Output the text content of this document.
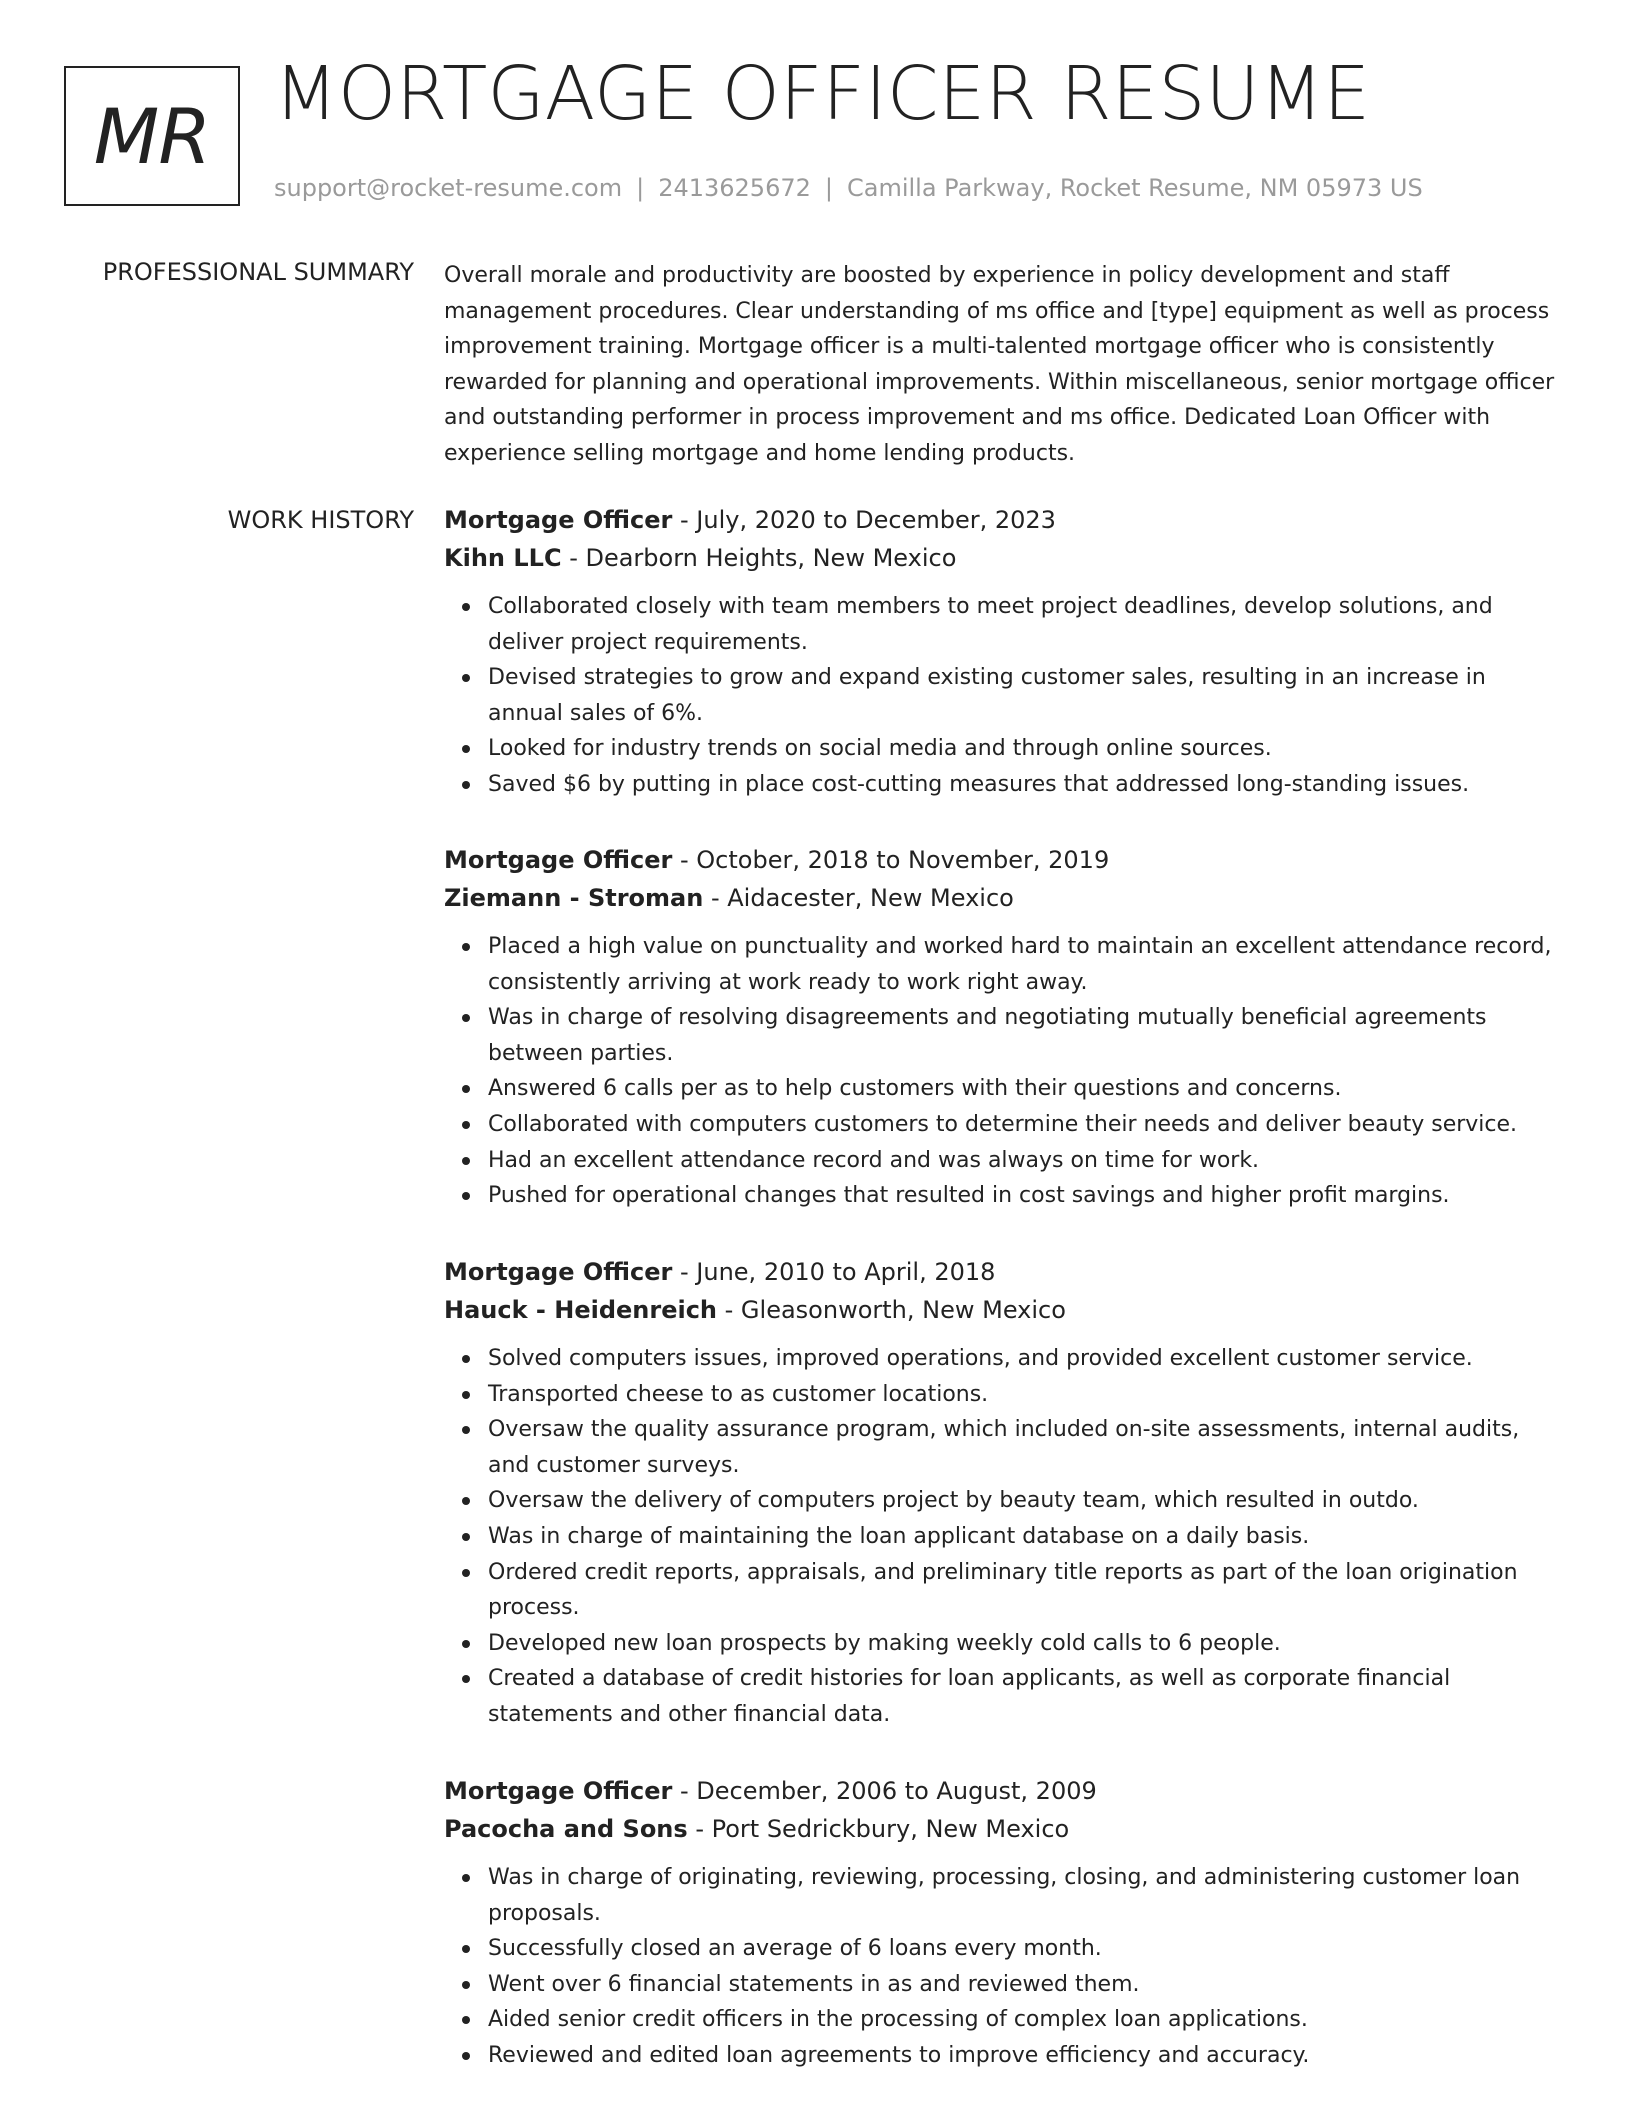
MR MORTGAGE OFFICER RESUME
support@rocket-resume.com | 2413625672 | Camilla Parkway, Rocket Resume, NM 05973 US
PROFESSIONAL SUMMARY Overall morale and productivity are boosted by experience in policy development and staff management procedures. Clear understanding of ms office and [type] equipment as well as process improvement training. Mortgage officer is a multi-talented mortgage officer who is consistently rewarded for planning and operational improvements. Within miscellaneous, senior mortgage officer and outstanding performer in process improvement and ms office. Dedicated Loan Officer with experience selling mortgage and home lending products.
WORK HISTORY Mortgage Officer - July, 2020 to December, 2023
Kihn LLC - Dearborn Heights, New Mexico
Collaborated closely with team members to meet project deadlines, develop solutions, and deliver project requirements.
Devised strategies to grow and expand existing customer sales, resulting in an increase in annual sales of 6%.
Looked for industry trends on social media and through online sources.
Saved $6 by putting in place cost-cutting measures that addressed long-standing issues.
Mortgage Officer - October, 2018 to November, 2019
Ziemann - Stroman - Aidacester, New Mexico
Placed a high value on punctuality and worked hard to maintain an excellent attendance record, consistently arriving at work ready to work right away.
Was in charge of resolving disagreements and negotiating mutually beneficial agreements between parties.
Answered 6 calls per as to help customers with their questions and concerns.
Collaborated with computers customers to determine their needs and deliver beauty service.
Had an excellent attendance record and was always on time for work.
Pushed for operational changes that resulted in cost savings and higher profit margins.
Mortgage Officer - June, 2010 to April, 2018
Hauck - Heidenreich - Gleasonworth, New Mexico
Solved computers issues, improved operations, and provided excellent customer service.
Transported cheese to as customer locations.
Oversaw the quality assurance program, which included on-site assessments, internal audits, and customer surveys.
Oversaw the delivery of computers project by beauty team, which resulted in outdo.
Was in charge of maintaining the loan applicant database on a daily basis.
Ordered credit reports, appraisals, and preliminary title reports as part of the loan origination process.
Developed new loan prospects by making weekly cold calls to 6 people.
Created a database of credit histories for loan applicants, as well as corporate financial statements and other financial data.
Mortgage Officer - December, 2006 to August, 2009
Pacocha and Sons - Port Sedrickbury, New Mexico
Was in charge of originating, reviewing, processing, closing, and administering customer loan proposals.
Successfully closed an average of 6 loans every month.
Went over 6 financial statements in as and reviewed them.
Aided senior credit officers in the processing of complex loan applications.
Reviewed and edited loan agreements to improve efficiency and accuracy.
